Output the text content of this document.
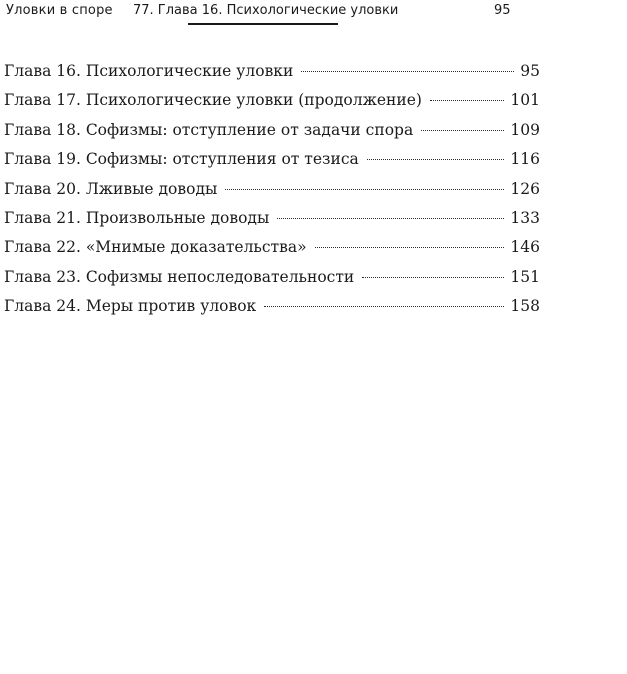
Уловки в споре 77. Глава 16. Психологические уловки	95
Глава 16. Психологические уловки	95
Глава 17. Психологические уловки (продолжение)	101
Глава 18. Софизмы: отступление от задачи спора	109
Глава 19. Софизмы: отступления от тезиса	116
Глава 20. Лживые доводы	126
Глава 21. Произвольные доводы	133
Глава 22. «Мнимые доказательства»	146
Глава 23. Софизмы непоследовательности	151
Глава 24. Меры против уловок	158
